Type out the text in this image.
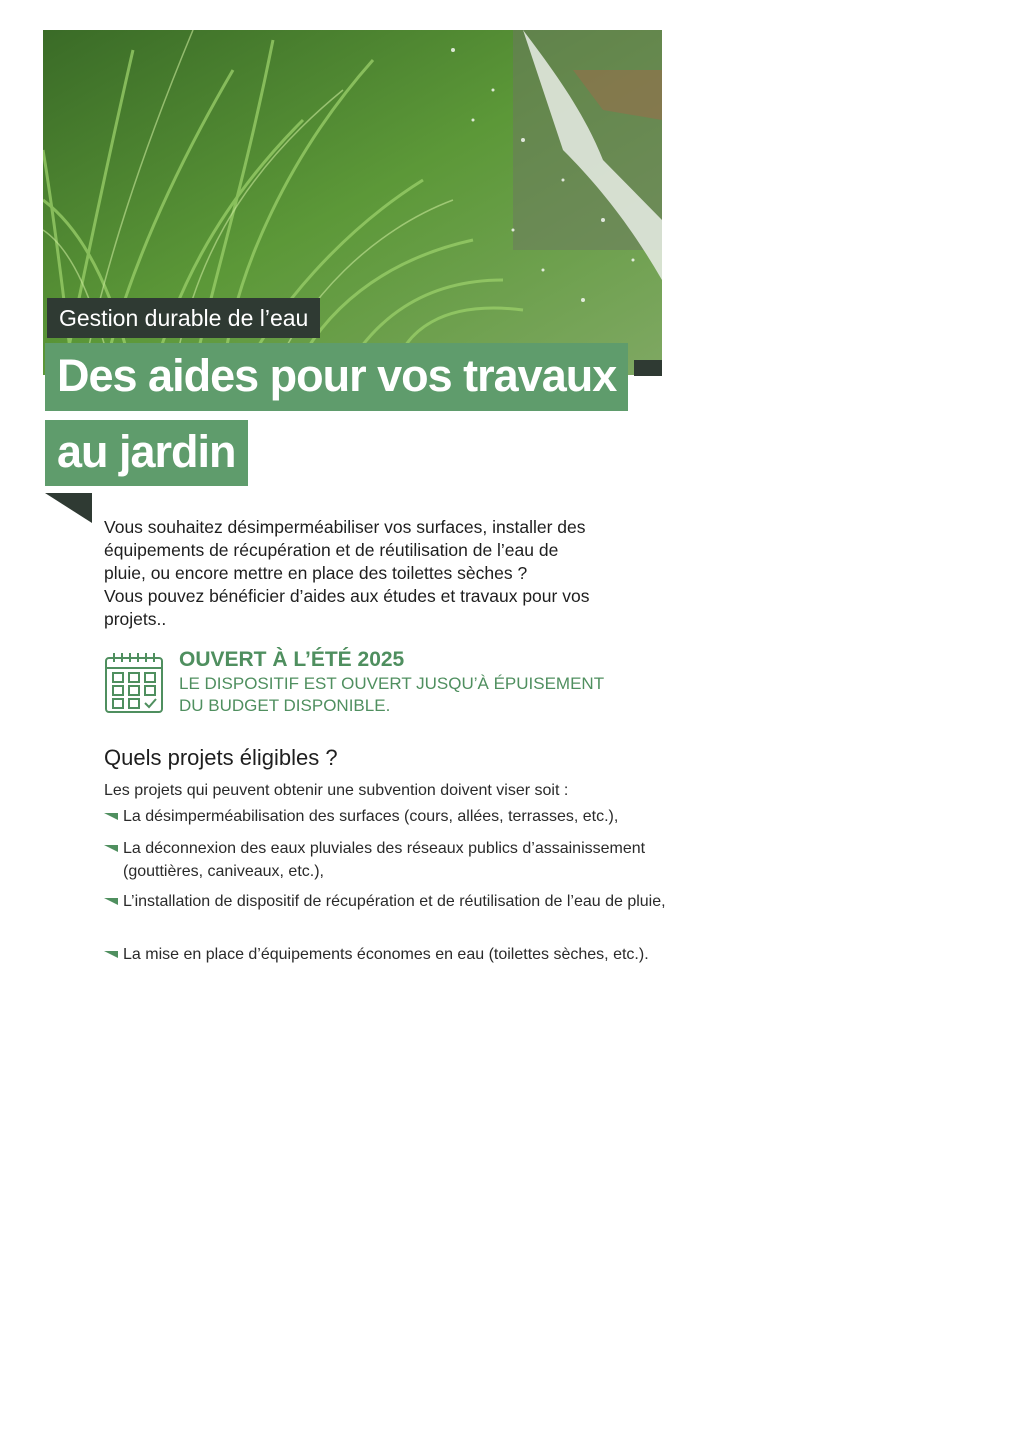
Gestion durable de l’eau
Des aides pour vos travaux
au jardin

Vous souhaitez désimperméabiliser vos surfaces, installer des

équipements de récupération et de réutilisation de l’eau de

pluie, ou encore mettre en place des toilettes sèches ?

Vous pouvez bénéficier d’aides aux études et travaux pour vos

projets..

OUVERT À L’ÉTÉ 2025
LE DISPOSITIF EST OUVERT JUSQU’À ÉPUISEMENT
DU BUDGET DISPONIBLE.
Quels projets éligibles ?
Les projets qui peuvent obtenir une subvention doivent viser soit :
La désimperméabilisation des surfaces (cours, allées, terrasses, etc.),
La déconnexion des eaux pluviales des réseaux publics d’assainissement (gouttières, caniveaux, etc.),
L’installation de dispositif de récupération et de réutilisation de l’eau de pluie,
La mise en place d’équipements économes en eau (toilettes sèches, etc.).
